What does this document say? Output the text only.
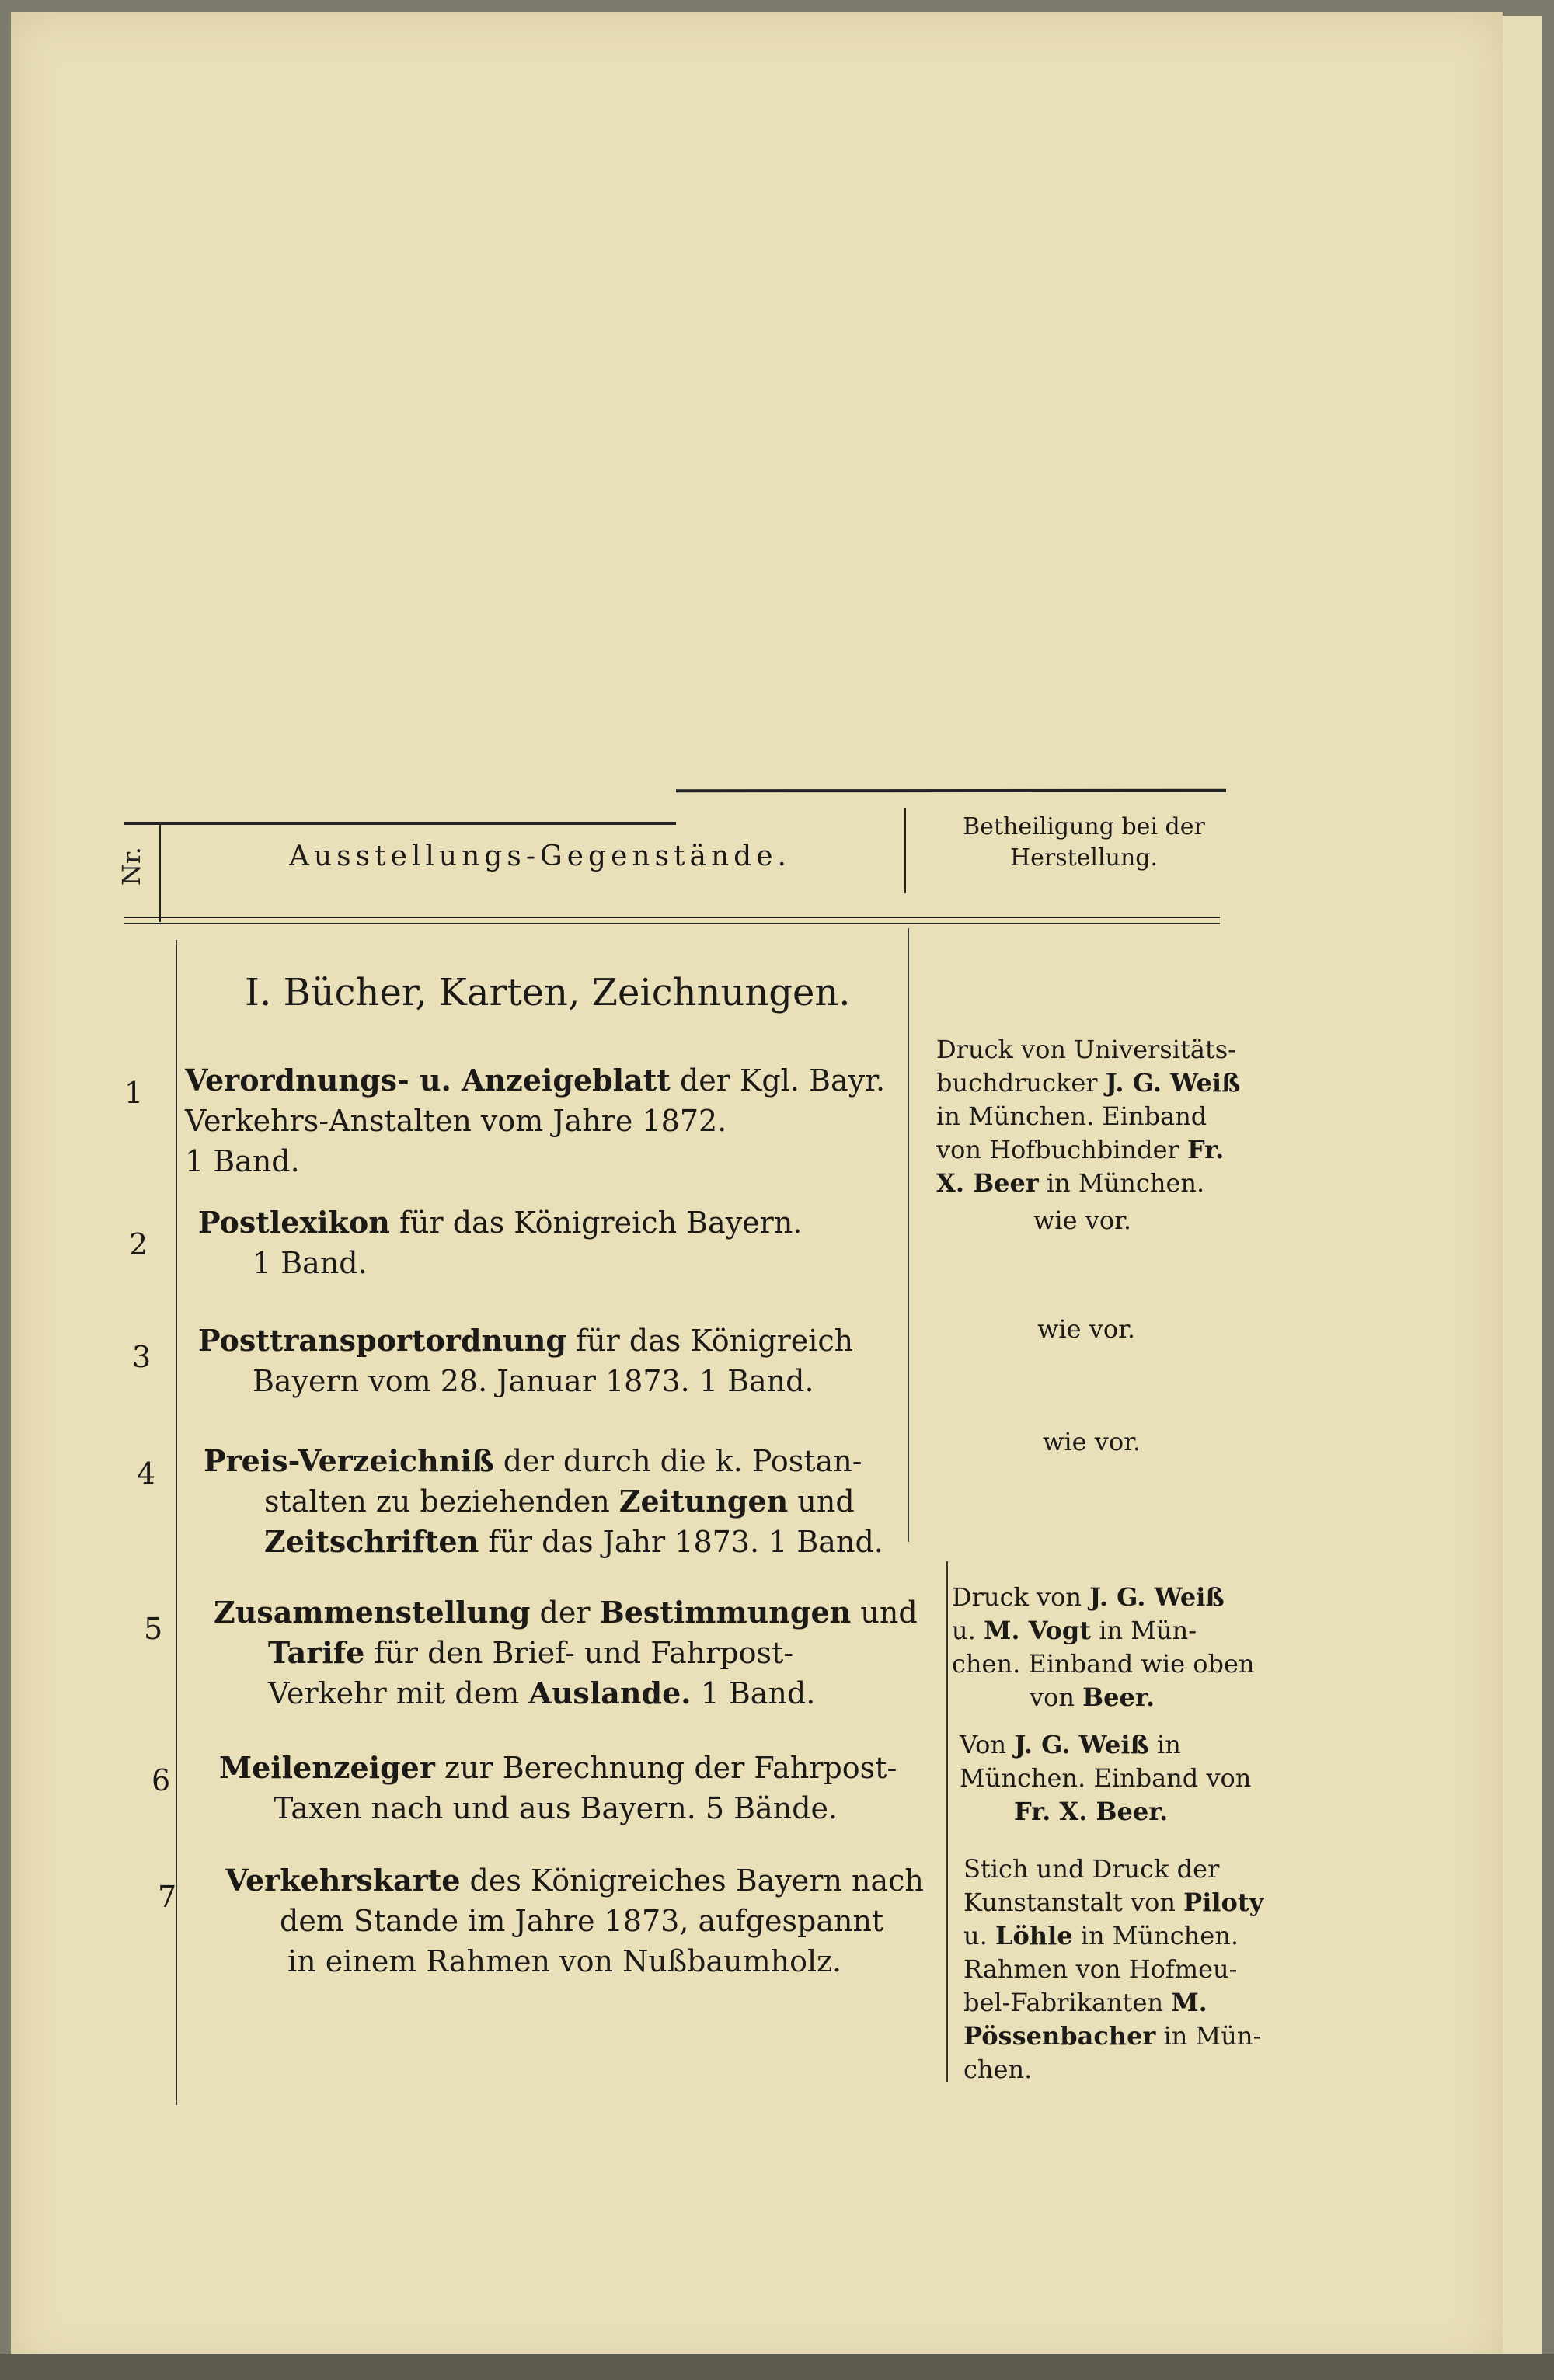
Nr.	Ausstellungs-Gegenstände.
Betheiligung bei der
Herstellung.
I. Bücher, Karten, Zeichnungen.
1 Verordnungs- u. Anzeigeblatt der Kgl. Bayr.
Verkehrs-Anstalten vom Jahre 1872.
1 Band.
Druck von Universitäts-
buchdrucker J. G. Weiß
in München. Einband
von Hofbuchbinder Fr.
X. Beer in München.
2
Postlexikon für das Königreich Bayern.
1 Band.
wie vor.
3 Posttransportordnung für das Königreich
Bayern vom 28. Januar 1873. 1 Band.
wie vor.
4 Preis-Verzeichniß der durch die k. Postan-
stalten zu beziehenden Zeitungen und
Zeitschriften für das Jahr 1873. 1 Band.
wie vor.
5 Zusammenstellung der Bestimmungen und
Tarife für den Brief- und Fahrpost-
Verkehr mit dem Auslande. 1 Band.
Druck von J. G. Weiß
u. M. Vogt in Mün-
chen. Einband wie oben
von Beer.
6 Meilenzeiger zur Berechnung der Fahrpost-
Taxen nach und aus Bayern. 5 Bände.
Von J. G. Weiß in
München. Einband von
Fr. X. Beer.
7 Verkehrskarte des Königreiches Bayern nach
dem Stande im Jahre 1873, aufgespannt
in einem Rahmen von Nußbaumholz.
Stich und Druck der
Kunstanstalt von Piloty
u. Löhle in München.
Rahmen von Hofmeu-
bel-Fabrikanten M.
Pössenbacher in Mün-
chen.
